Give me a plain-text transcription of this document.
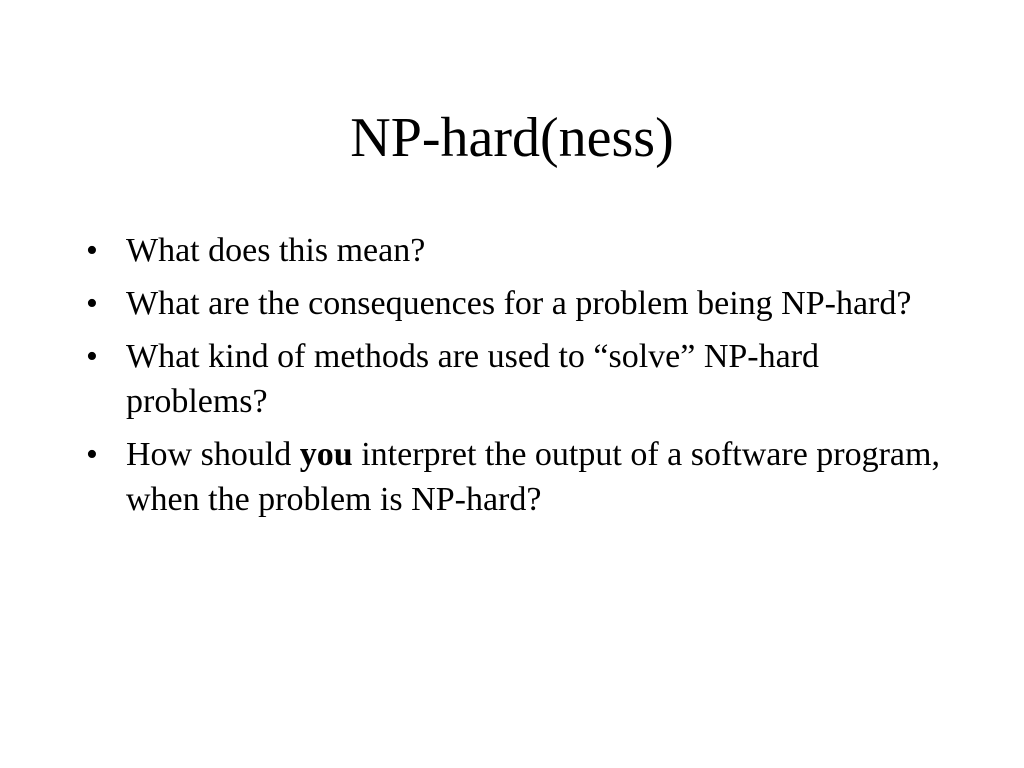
NP-hard(ness)
• What does this mean?
• What are the consequences for a problem being NP-hard?
• What kind of methods are used to “solve” NP-hard problems?
• How should you interpret the output of a software program, when the problem is NP-hard?
